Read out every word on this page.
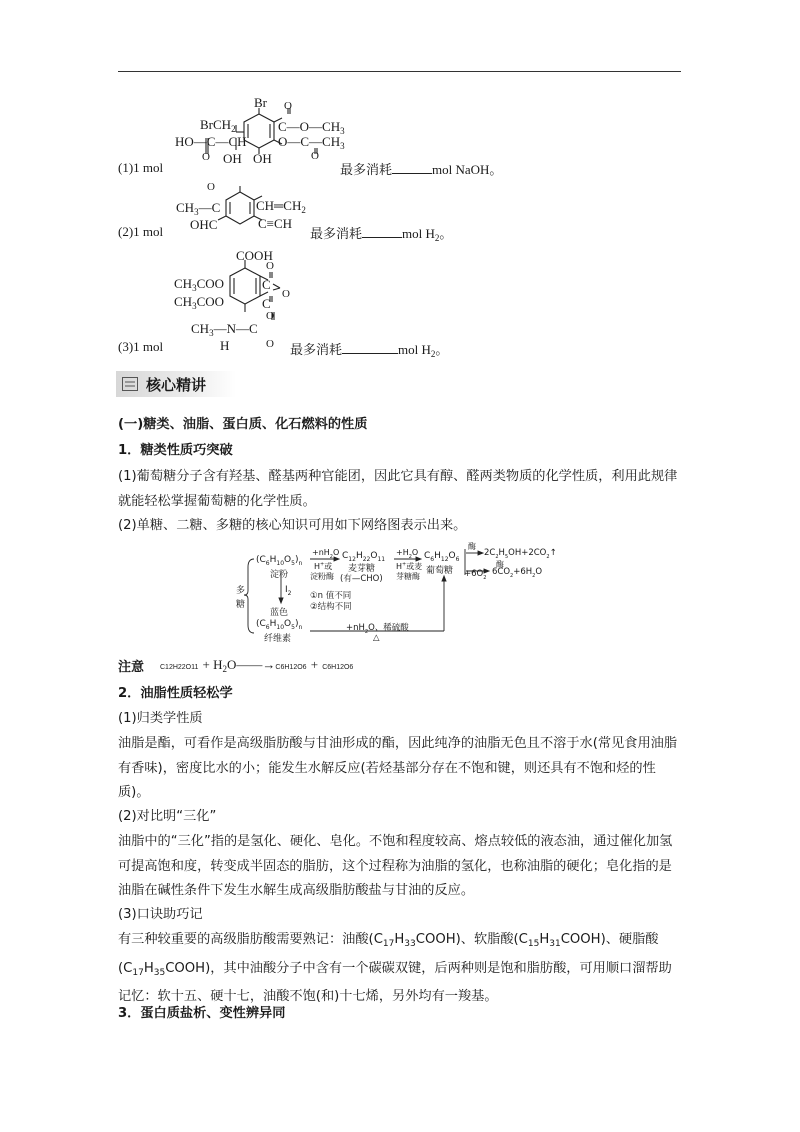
Br O
BrCH$_2$	$C—O—CH_3$
HO—C—CH $O—C—CH_3$
O OH OH	O
(1)1 mol	最多消耗	mol NaOH。
O
$CH_3—C$	$CH═CH_2$
OHC	C≡CH
(2)1 mol	最多消耗	mol $H_2$。
COOH
O
$CH_3COO$	C
$CH_3COO$	O
C
O
$CH_3—N—C$
H	O
(3)1 mol	最多消耗	mol $H_2$。
核心精讲
(一)糖类、油脂、蛋白质、化石燃料的性质
1．糖类性质巧突破
(1)葡萄糖分子含有羟基、醛基两种官能团，因此它具有醇、醛两类物质的化学性质，利用此规律就能轻松掌握葡萄糖的化学性质。
(2)单糖、二糖、多糖的核心知识可用如下网络图表示出来。
多
糖
$(C_6H_{10}O_5)_n$
淀粉
$I_2$
蓝色
$(C_6H_{10}O_5)_n$
纤维素
$+nH_2O$
H+或
淀粉酶
$C_{12}H_{22}O_{11}$
麦芽糖
(有—CHO)
$+H_2O$
H+或麦
芽糖酶
$C_6H_{12}O_6$
葡萄糖
酶
$2C_2H_5OH+2CO_2↑$
酶
$+6O_2$
$6CO_2+6H_2O$
①n 值不同
②结构不同
$+nH_2O$、稀硫酸
△
注意 $C12H22O11 + H_2O——\to C6H12O6 + C6H12O6$
2．油脂性质轻松学
(1)归类学性质
油脂是酯，可看作是高级脂肪酸与甘油形成的酯，因此纯净的油脂无色且不溶于水(常见食用油脂有香味)，密度比水的小；能发生水解反应(若烃基部分存在不饱和键，则还具有不饱和烃的性质)。
(2)对比明“三化”
油脂中的“三化”指的是氢化、硬化、皂化。不饱和程度较高、熔点较低的液态油，通过催化加氢可提高饱和度，转变成半固态的脂肪，这个过程称为油脂的氢化，也称油脂的硬化；皂化指的是油脂在碱性条件下发生水解生成高级脂肪酸盐与甘油的反应。
(3)口诀助巧记
有三种较重要的高级脂肪酸需要熟记：油酸$(C_{17}H_{33}COOH)$、软脂酸$(C_{15}H_{31}COOH)$、硬脂酸$(C_{17}H_{35}COOH)$，其中油酸分子中含有一个碳碳双键，后两种则是饱和脂肪酸，可用顺口溜帮助记忆：软十五、硬十七，油酸不饱(和)十七烯，另外均有一羧基。
3．蛋白质盐析、变性辨异同
